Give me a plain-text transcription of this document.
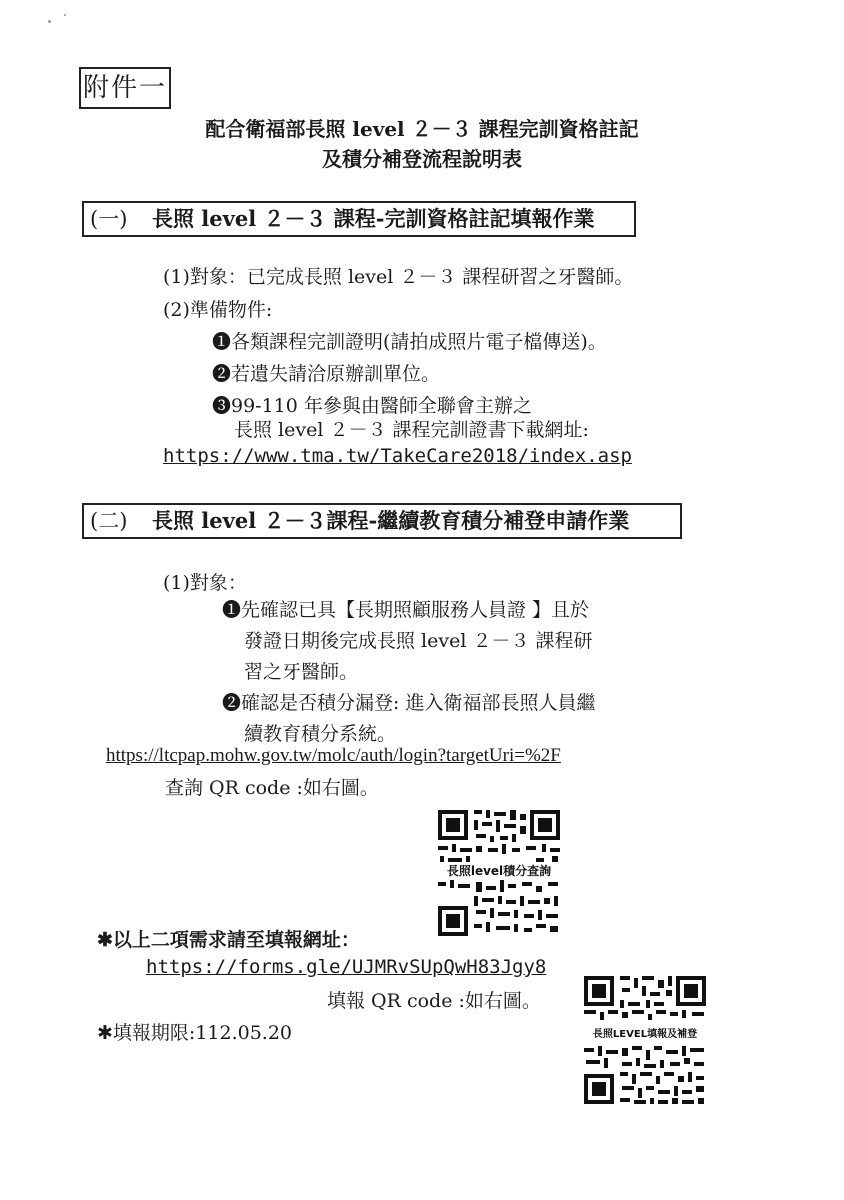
附件一
配合衛福部長照 level ２－３ 課程完訓資格註記
及積分補登流程說明表
(一) 長照 level ２－３ 課程-完訓資格註記填報作業
(1)對象：已完成長照 level ２－３ 課程研習之牙醫師。
(2)準備物件:
❶各類課程完訓證明(請拍成照片電子檔傳送)。
❷若遺失請洽原辦訓單位。
❸99-110 年參與由醫師全聯會主辦之
長照 level ２－３ 課程完訓證書下載網址:
https://www.tma.tw/TakeCare2018/index.asp
(二) 長照 level ２－３課程-繼續教育積分補登申請作業
(1)對象：
❶先確認已具【長期照顧服務人員證 】且於
發證日期後完成長照 level ２－３ 課程研
習之牙醫師。
❷確認是否積分漏登: 進入衛福部長照人員繼
續教育積分系統。
https://ltcpap.mohw.gov.tw/molc/auth/login?targetUri=%2F
查詢 QR code :如右圖。
長照level積分查詢
✱以上二項需求請至填報網址：
https://forms.gle/UJMRvSUpQwH83Jgy8
填報 QR code :如右圖。
✱填報期限:112.05.20	長照LEVEL填報及補登
